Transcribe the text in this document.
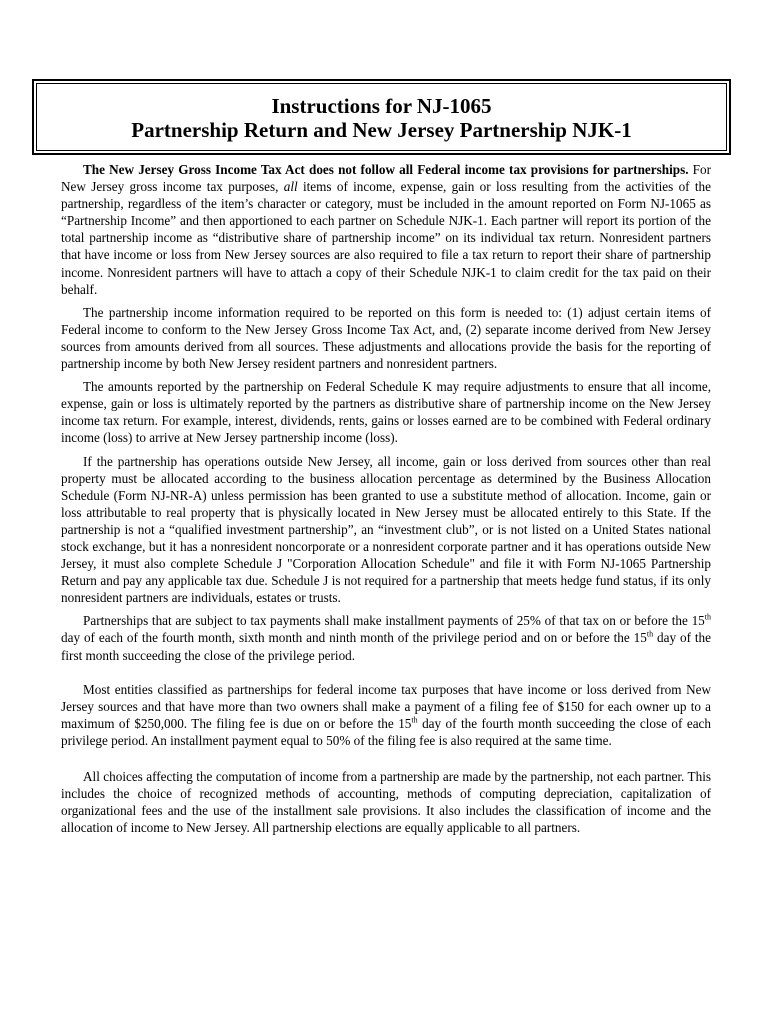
Instructions for NJ-1065
Partnership Return and New Jersey Partnership NJK-1

The New Jersey Gross Income Tax Act does not follow all Federal income tax provisions for partnerships. For New Jersey gross income tax purposes, all items of income, expense, gain or loss resulting from the activities of the partnership, regardless of the item’s character or category, must be included in the amount reported on Form NJ-1065 as “Partnership Income” and then apportioned to each partner on Schedule NJK-1. Each partner will report its portion of the total partnership income as “distributive share of partnership income” on its individual tax return. Nonresident partners that have income or loss from New Jersey sources are also required to file a tax return to report their share of partnership income. Nonresident partners will have to attach a copy of their Schedule NJK-1 to claim credit for the tax paid on their behalf.

The partnership income information required to be reported on this form is needed to: (1) adjust certain items of Federal income to conform to the New Jersey Gross Income Tax Act, and, (2) separate income derived from New Jersey sources from amounts derived from all sources. These adjustments and allocations provide the basis for the reporting of partnership income by both New Jersey resident partners and nonresident partners.

The amounts reported by the partnership on Federal Schedule K may require adjustments to ensure that all income, expense, gain or loss is ultimately reported by the partners as distributive share of partnership income on the New Jersey income tax return. For example, interest, dividends, rents, gains or losses earned are to be combined with Federal ordinary income (loss) to arrive at New Jersey partnership income (loss).

If the partnership has operations outside New Jersey, all income, gain or loss derived from sources other than real property must be allocated according to the business allocation percentage as determined by the Business Allocation Schedule (Form NJ-NR-A) unless permission has been granted to use a substitute method of allocation. Income, gain or loss attributable to real property that is physically located in New Jersey must be allocated entirely to this State. If the partnership is not a “qualified investment partnership”, an “investment club”, or is not listed on a United States national stock exchange, but it has a nonresident noncorporate or a nonresident corporate partner and it has operations outside New Jersey, it must also complete Schedule J "Corporation Allocation Schedule" and file it with Form NJ-1065 Partnership Return and pay any applicable tax due. Schedule J is not required for a partnership that meets hedge fund status, if its only nonresident partners are individuals, estates or trusts.

Partnerships that are subject to tax payments shall make installment payments of 25% of that tax on or before the 15th day of each of the fourth month, sixth month and ninth month of the privilege period and on or before the 15th day of the first month succeeding the close of the privilege period.

Most entities classified as partnerships for federal income tax purposes that have income or loss derived from New Jersey sources and that have more than two owners shall make a payment of a filing fee of $150 for each owner up to a maximum of $250,000. The filing fee is due on or before the 15th day of the fourth month succeeding the close of each privilege period. An installment payment equal to 50% of the filing fee is also required at the same time.

All choices affecting the computation of income from a partnership are made by the partnership, not each partner. This includes the choice of recognized methods of accounting, methods of computing depreciation, capitalization of organizational fees and the use of the installment sale provisions. It also includes the classification of income and the allocation of income to New Jersey. All partnership elections are equally applicable to all partners.
